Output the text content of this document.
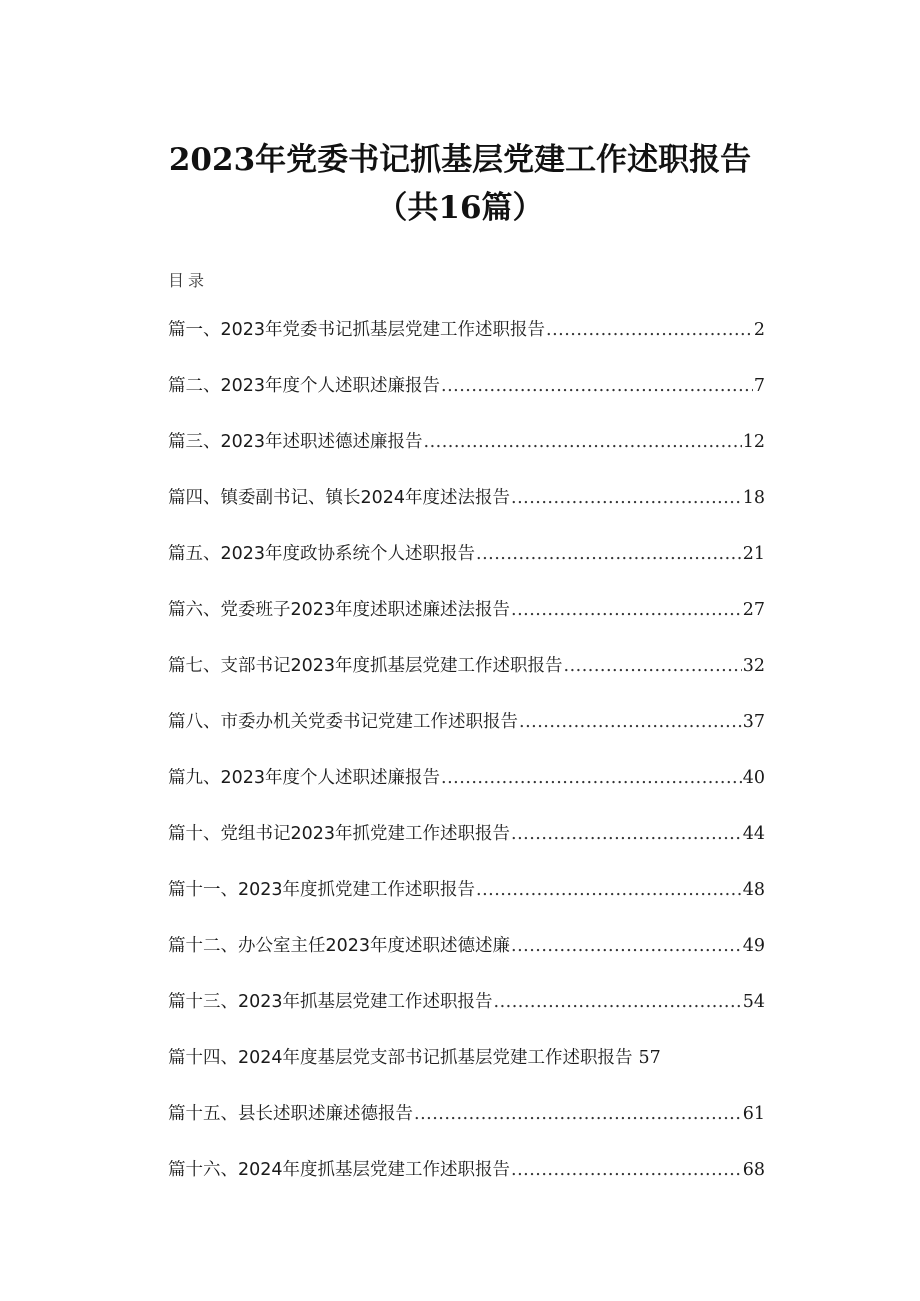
2023年党委书记抓基层党建工作述职报告
（共16篇）
目录
篇一、2023年党委书记抓基层党建工作述职报告 .....	2
篇二、2023年度个人述职述廉报告 .....	7
篇三、2023年述职述德述廉报告 .....	12
篇四、镇委副书记、镇长2024年度述法报告 .....	18
篇五、2023年度政协系统个人述职报告 .....	21
篇六、党委班子2023年度述职述廉述法报告 .....	27
篇七、支部书记2023年度抓基层党建工作述职报告 .....	32
篇八、市委办机关党委书记党建工作述职报告 .....	37
篇九、2023年度个人述职述廉报告 .....	40
篇十、党组书记2023年抓党建工作述职报告 .....	44
篇十一、2023年度抓党建工作述职报告 .....	48
篇十二、办公室主任2023年度述职述德述廉 .....	49
篇十三、2023年抓基层党建工作述职报告 .....	54
篇十四、2024年度基层党支部书记抓基层党建工作述职报告 57
篇十五、县长述职述廉述德报告 .....	61
篇十六、2024年度抓基层党建工作述职报告 .....	68
